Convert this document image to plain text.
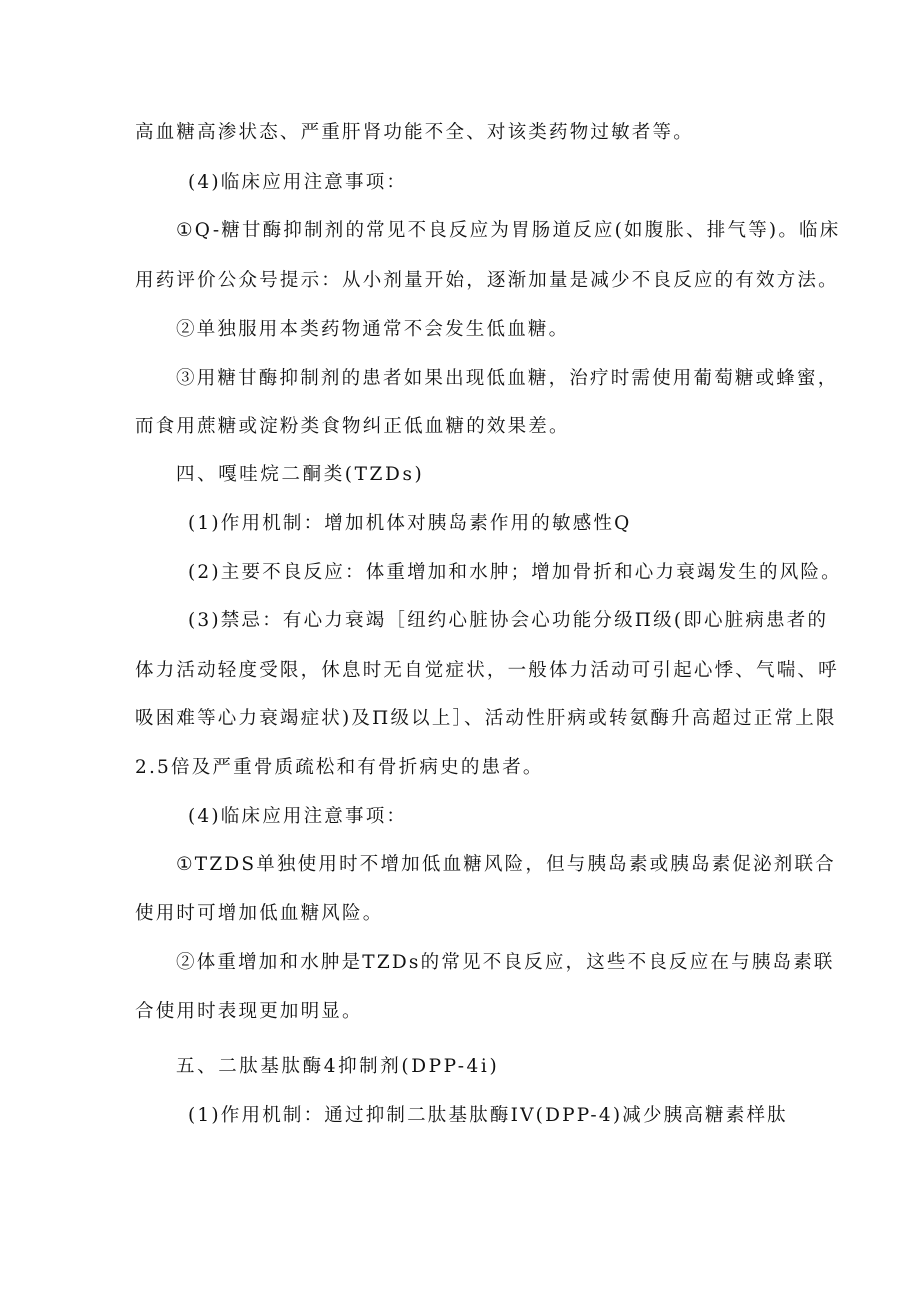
高血糖高渗状态、严重肝肾功能不全、对该类药物过敏者等。
(4)临床应用注意事项：
①Q-糖甘酶抑制剂的常见不良反应为胃肠道反应(如腹胀、排气等)。临床
用药评价公众号提示：从小剂量开始，逐渐加量是减少不良反应的有效方法。
②单独服用本类药物通常不会发生低血糖。
③用糖甘酶抑制剂的患者如果出现低血糖，治疗时需使用葡萄糖或蜂蜜，
而食用蔗糖或淀粉类食物纠正低血糖的效果差。
四、嘎哇烷二酮类(TZDs)
(1)作用机制：增加机体对胰岛素作用的敏感性Q
(2)主要不良反应：体重增加和水肿；增加骨折和心力衰竭发生的风险。
(3)禁忌：有心力衰竭［纽约心脏协会心功能分级Π级(即心脏病患者的
体力活动轻度受限，休息时无自觉症状，一般体力活动可引起心悸、气喘、呼
吸困难等心力衰竭症状)及Π级以上］、活动性肝病或转氨酶升高超过正常上限
2.5倍及严重骨质疏松和有骨折病史的患者。
(4)临床应用注意事项：
①TZDS单独使用时不增加低血糖风险，但与胰岛素或胰岛素促泌剂联合
使用时可增加低血糖风险。
②体重增加和水肿是TZDs的常见不良反应，这些不良反应在与胰岛素联
合使用时表现更加明显。
五、二肽基肽酶4抑制剂(DPP-4i)
(1)作用机制：通过抑制二肽基肽酶IV(DPP-4)减少胰高糖素样肽
